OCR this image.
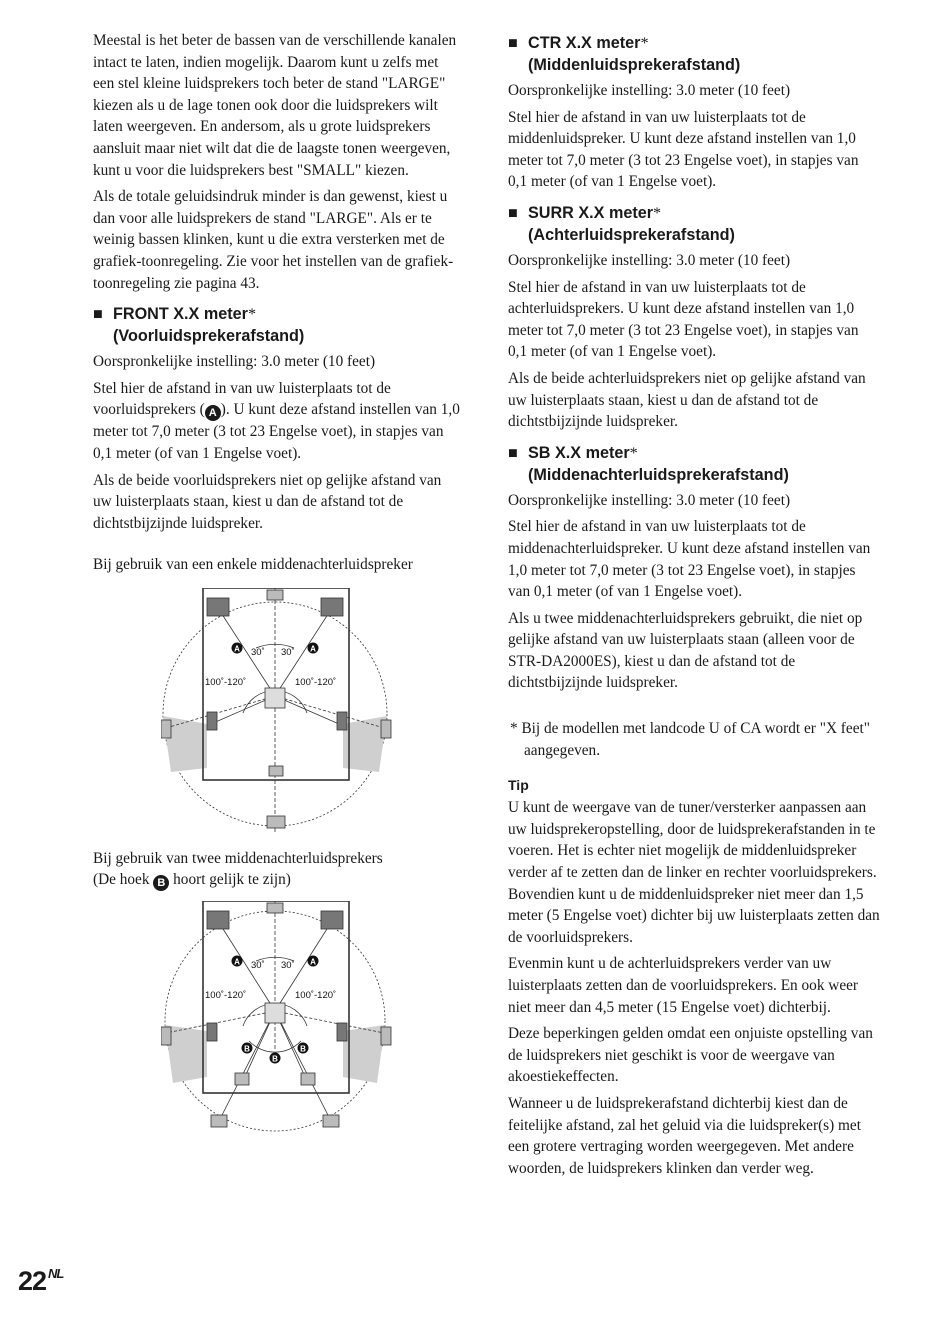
Meestal is het beter de bassen van de verschillende kanalen intact te laten, indien mogelijk. Daarom kunt u zelfs met een stel kleine luidsprekers toch beter de stand "LARGE" kiezen als u de lage tonen ook door die luidsprekers wilt laten weergeven. En andersom, als u grote luidsprekers aansluit maar niet wilt dat die de laagste tonen weergeven, kunt u voor die luidsprekers best "SMALL" kiezen.

Als de totale geluidsindruk minder is dan gewenst, kiest u dan voor alle luidsprekers de stand "LARGE". Als er te weinig bassen klinken, kunt u die extra versterken met de grafiek-toonregeling. Zie voor het instellen van de grafiek-toonregeling zie pagina 43.

■ FRONT X.X meter*
(Voorluidsprekerafstand)

Oorspronkelijke instelling: 3.0 meter (10 feet)

Stel hier de afstand in van uw luisterplaats tot de voorluidsprekers ( A ). U kunt deze afstand instellen van 1,0 meter tot 7,0 meter (3 tot 23 Engelse voet), in stapjes van 0,1 meter (of van 1 Engelse voet).

Als de beide voorluidsprekers niet op gelijke afstand van uw luisterplaats staan, kiest u dan de afstand tot de dichtstbijzijnde luidspreker.

Bij gebruik van een enkele middenachterluidspreker

30˚ 30˚
100˚-120˚	100˚-120˚
A	A

Bij gebruik van twee middenachterluidsprekers

(De hoek B hoort gelijk te zijn)

30˚ 30˚
100˚-120˚	100˚-120˚
A	A
B
B
B
■ CTR X.X meter*
(Middenluidsprekerafstand)

Oorspronkelijke instelling: 3.0 meter (10 feet)

Stel hier de afstand in van uw luisterplaats tot de middenluidspreker. U kunt deze afstand instellen van 1,0 meter tot 7,0 meter (3 tot 23 Engelse voet), in stapjes van 0,1 meter (of van 1 Engelse voet).

■ SURR X.X meter*
(Achterluidsprekerafstand)

Oorspronkelijke instelling: 3.0 meter (10 feet)

Stel hier de afstand in van uw luisterplaats tot de achterluidsprekers. U kunt deze afstand instellen van 1,0 meter tot 7,0 meter (3 tot 23 Engelse voet), in stapjes van 0,1 meter (of van 1 Engelse voet).

Als de beide achterluidsprekers niet op gelijke afstand van uw luisterplaats staan, kiest u dan de afstand tot de dichtstbijzijnde luidspreker.

■ SB X.X meter*
(Middenachterluidsprekerafstand)

Oorspronkelijke instelling: 3.0 meter (10 feet)

Stel hier de afstand in van uw luisterplaats tot de middenachterluidspreker. U kunt deze afstand instellen van 1,0 meter tot 7,0 meter (3 tot 23 Engelse voet), in stapjes van 0,1 meter (of van 1 Engelse voet).

Als u twee middenachterluidsprekers gebruikt, die niet op gelijke afstand van uw luisterplaats staan (alleen voor de STR-DA2000ES), kiest u dan de afstand tot de dichtstbijzijnde luidspreker.

* Bij de modellen met landcode U of CA wordt er "X feet" aangegeven.

Tip

U kunt de weergave van de tuner/versterker aanpassen aan uw luidsprekeropstelling, door de luidsprekerafstanden in te voeren. Het is echter niet mogelijk de middenluidspreker verder af te zetten dan de linker en rechter voorluidsprekers. Bovendien kunt u de middenluidspreker niet meer dan 1,5 meter (5 Engelse voet) dichter bij uw luisterplaats zetten dan de voorluidsprekers.

Evenmin kunt u de achterluidsprekers verder van uw luisterplaats zetten dan de voorluidsprekers. En ook weer niet meer dan 4,5 meter (15 Engelse voet) dichterbij.

Deze beperkingen gelden omdat een onjuiste opstelling van de luidsprekers niet geschikt is voor de weergave van akoestiekeffecten.

Wanneer u de luidsprekerafstand dichterbij kiest dan de feitelijke afstand, zal het geluid via die luidspreker(s) met een grotere vertraging worden weergegeven. Met andere woorden, de luidsprekers klinken dan verder weg.

22 $^{NL}$
